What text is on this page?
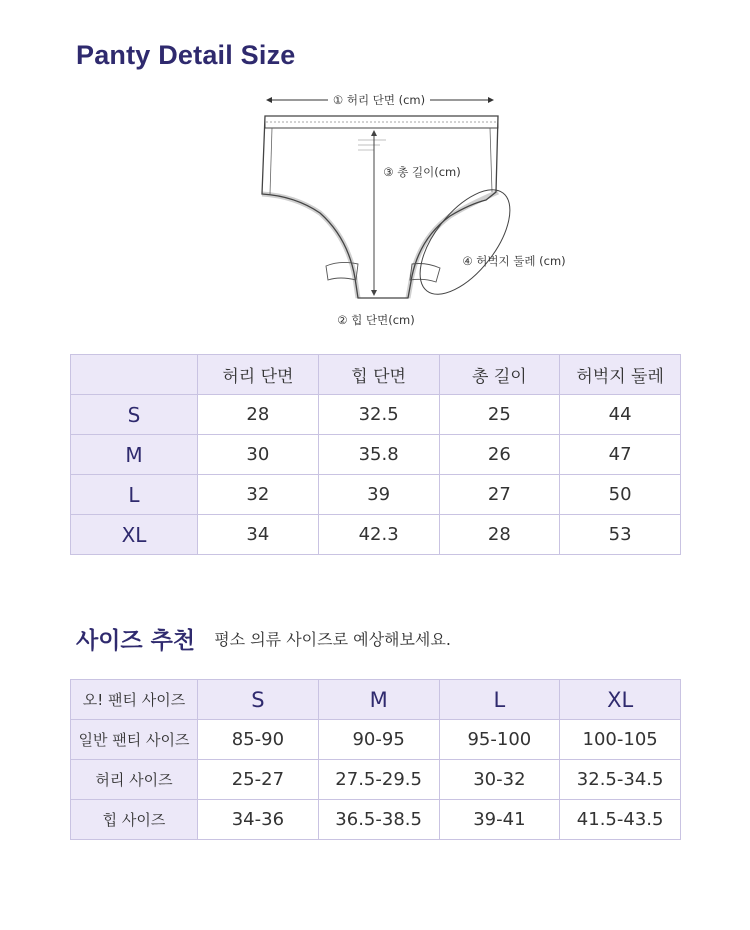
Panty Detail Size
① 허리 단면 (cm)
③ 총 길이(cm)
④ 허벅지 둘레 (cm)
② 힙 단면(cm)
	허리 단면	힙 단면	총 길이	허벅지 둘레
S	28	32.5	25	44
M	30	35.8	26	47
L	32	39	27	50
XL	34	42.3	28	53
사이즈 추천 평소 의류 사이즈로 예상해보세요.
오! 팬티 사이즈	S	M	L	XL
일반 팬티 사이즈	85-90	90-95	95-100	100-105
허리 사이즈	25-27	27.5-29.5	30-32	32.5-34.5
힙 사이즈	34-36	36.5-38.5	39-41	41.5-43.5
